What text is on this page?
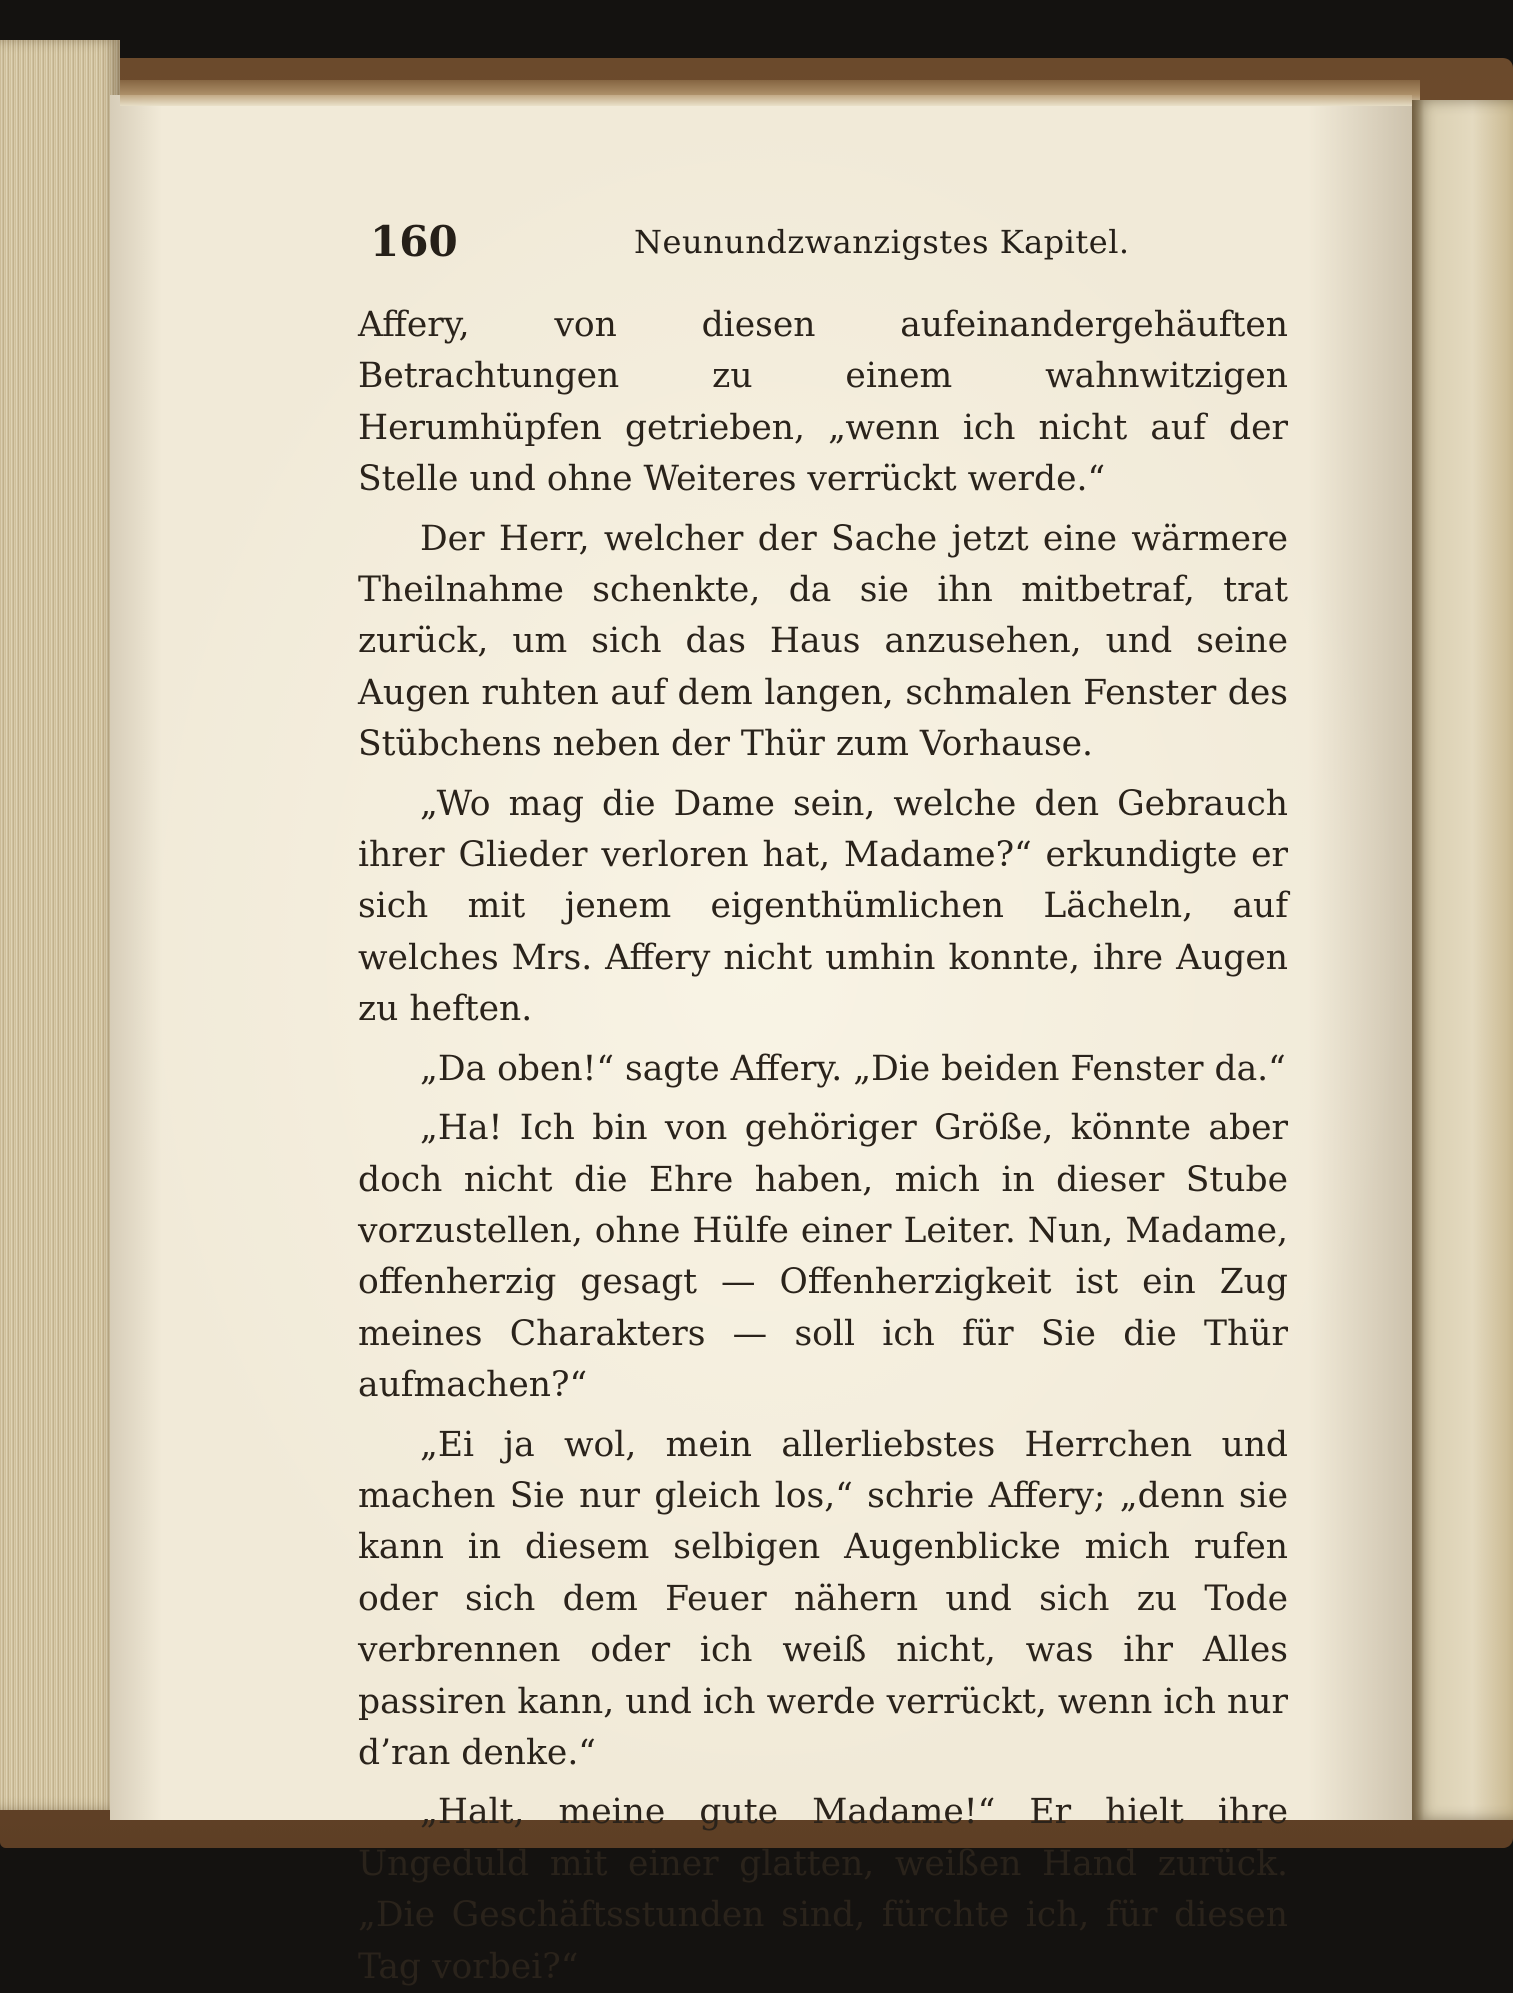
160	Neunundzwanzigstes Kapitel.

Affery, von diesen aufeinandergehäuften Betrachtungen zu einem wahnwitzigen Herumhüpfen getrieben, „wenn ich nicht auf der Stelle und ohne Weiteres verrückt werde.“

Der Herr, welcher der Sache jetzt eine wärmere Theilnahme schenkte, da sie ihn mitbetraf, trat zurück, um sich das Haus anzusehen, und seine Augen ruhten auf dem langen, schmalen Fenster des Stübchens neben der Thür zum Vorhause.

„Wo mag die Dame sein, welche den Gebrauch ihrer Glieder verloren hat, Madame?“ erkundigte er sich mit jenem eigenthümlichen Lächeln, auf welches Mrs. Affery nicht umhin konnte, ihre Augen zu heften.

„Da oben!“ sagte Affery. „Die beiden Fenster da.“

„Ha! Ich bin von gehöriger Größe, könnte aber doch nicht die Ehre haben, mich in dieser Stube vorzustellen, ohne Hülfe einer Leiter. Nun, Madame, offenherzig gesagt — Offenherzigkeit ist ein Zug meines Charakters — soll ich für Sie die Thür aufmachen?“

„Ei ja wol, mein allerliebstes Herrchen und machen Sie nur gleich los,“ schrie Affery; „denn sie kann in diesem selbigen Augenblicke mich rufen oder sich dem Feuer nähern und sich zu Tode verbrennen oder ich weiß nicht, was ihr Alles passiren kann, und ich werde verrückt, wenn ich nur d’ran denke.“

„Halt, meine gute Madame!“ Er hielt ihre Ungeduld mit einer glatten, weißen Hand zurück. „Die Geschäftsstunden sind, fürchte ich, für diesen Tag vorbei?“
